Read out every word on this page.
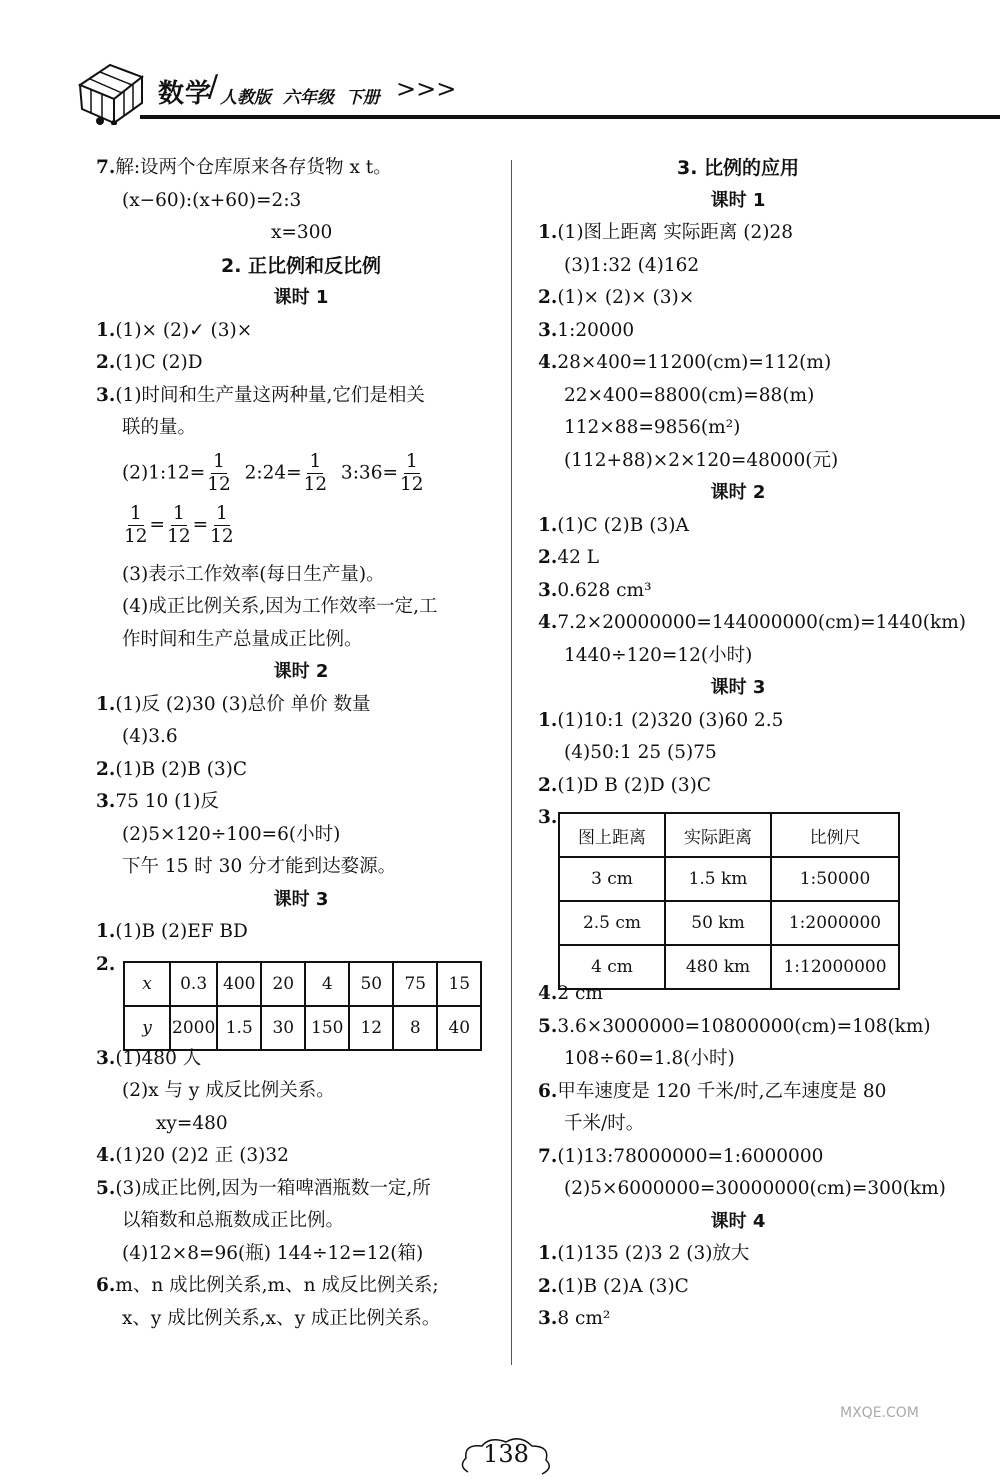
数学
/ 人教版 六年级 下册 >>>
7.解:设两个仓库原来各存货物 x t。
(x−60):(x+60)=2:3
x=300
2. 正比例和反比例
课时 1
1.(1)× (2)✓ (3)×
2.(1)C (2)D
3.(1)时间和生产量这两种量,它们是相关
联的量。
(2)1:12= $\frac{1}{12}$ 2:24= $\frac{1}{12}$ 3:36= $\frac{1}{12}$
$\frac{1}{12} = \frac{1}{12} = \frac{1}{12}$
(3)表示工作效率(每日生产量)。
(4)成正比例关系,因为工作效率一定,工
作时间和生产总量成正比例。
课时 2
1.(1)反 (2)30 (3)总价 单价 数量
(4)3.6
2.(1)B (2)B (3)C
3.75 10 (1)反
(2)5×120÷100=6(小时)
下午 15 时 30 分才能到达婺源。
课时 3
1.(1)B (2)EF BD
2.
3.(1)480 人
(2)x 与 y 成反比例关系。
xy=480
4.(1)20 (2)2 正 (3)32
5.(3)成正比例,因为一箱啤酒瓶数一定,所
以箱数和总瓶数成正比例。
(4)12×8=96(瓶) 144÷12=12(箱)
6.m、n 成比例关系,m、n 成反比例关系;
x、y 成比例关系,x、y 成正比例关系。
x	0.3	400	20	4	50	75	15
y	2000	1.5	30	150	12	8	40
3. 比例的应用
课时 1
1.(1)图上距离 实际距离 (2)28
(3)1:32 (4)162
2.(1)× (2)× (3)×
3.1:20000
4.28×400=11200(cm)=112(m)
22×400=8800(cm)=88(m)
112×88=9856(m²)
(112+88)×2×120=48000(元)
课时 2
1.(1)C (2)B (3)A
2.42 L
3.0.628 cm³
4.7.2×20000000=144000000(cm)=1440(km)
1440÷120=12(小时)
课时 3
1.(1)10:1 (2)320 (3)60 2.5
(4)50:1 25 (5)75
2.(1)D B (2)D (3)C
3.
4.2 cm
5.3.6×3000000=10800000(cm)=108(km)
108÷60=1.8(小时)
6.甲车速度是 120 千米/时,乙车速度是 80
千米/时。
7.(1)13:78000000=1:6000000
(2)5×6000000=30000000(cm)=300(km)
课时 4
1.(1)135 (2)3 2 (3)放大
2.(1)B (2)A (3)C
3.8 cm²
图上距离	实际距离	比例尺
3 cm	1.5 km	1:50000
2.5 cm	50 km	1:2000000
4 cm	480 km	1:12000000
138
MXQE.COM
